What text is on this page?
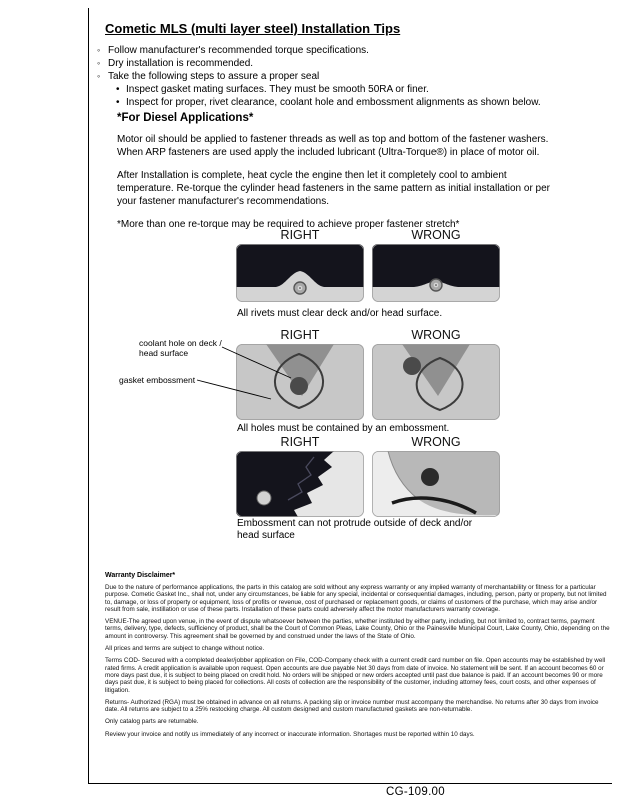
Cometic MLS (multi layer steel) Installation Tips
◦ Follow manufacturer's recommended torque specifications.
◦ Dry installation is recommended.
◦ Take the following steps to assure a proper seal
• Inspect gasket mating surfaces. They must be smooth 50RA or finer.
• Inspect for proper, rivet clearance, coolant hole and embossment alignments as shown below.
*For Diesel Applications*

Motor oil should be applied to fastener threads as well as top and bottom of the fastener washers. When ARP fasteners are used apply the included lubricant (Ultra-Torque®) in place of motor oil.

After Installation is complete, heat cycle the engine then let it completely cool to ambient temperature. Re-torque the cylinder head fasteners in the same pattern as initial installation or per your fastener manufacturer's recommendations.

*More than one re-torque may be required to achieve proper fastener stretch*

RIGHT	WRONG
All rivets must clear deck and/or head surface.
RIGHT	WRONG
coolant hole on deck / head surface
gasket embossment
All holes must be contained by an embossment.
RIGHT	WRONG
Embossment can not protrude outside of deck and/or head surface
Warranty Disclaimer*

Due to the nature of performance applications, the parts in this catalog are sold without any express warranty or any implied warranty of merchantability or fitness for a particular purpose. Cometic Gasket Inc., shall not, under any circumstances, be liable for any special, incidental or consequential damages, including, person, party or property, but not limited to, damage, or loss of property or equipment, loss of profits or revenue, cost of purchased or replacement goods, or claims of customers of the purchase, which may arise and/or result from sale, instillation or use of these parts. Installation of these parts could adversely affect the motor manufacturers warranty coverage.

VENUE-The agreed upon venue, in the event of dispute whatsoever between the parties, whether instituted by either party, including, but not limited to, contract terms, payment terms, delivery, type, defects, sufficiency of product, shall be the Court of Common Pleas, Lake County, Ohio or the Painesville Municipal Court, Lake County, Ohio, depending on the amount in controversy. This agreement shall be governed by and construed under the laws of the State of Ohio.

All prices and terms are subject to change without notice.

Terms COD- Secured with a completed dealer/jobber application on File, COD-Company check with a current credit card number on file. Open accounts may be established by well rated firms. A credit application is available upon request. Open accounts are due payable Net 30 days from date of invoice. No statement will be sent. If an account becomes 60 or more days past due, it is subject to being placed on credit hold. No orders will be shipped or new orders accepted until past due balance is paid. If an account becomes 90 or more days past due, it is subject to being placed for collections. All costs of collection are the responsibility of the customer, including attorney fees, court costs, and other expenses of litigation.

Returns- Authorized (RGA) must be obtained in advance on all returns. A packing slip or invoice number must accompany the merchandise. No returns after 30 days from invoice date. All returns are subject to a 25% restocking charge. All custom designed and custom manufactured gaskets are non-returnable.

Only catalog parts are returnable.

Review your invoice and notify us immediately of any incorrect or inaccurate information. Shortages must be reported within 10 days.

CG-109.00
